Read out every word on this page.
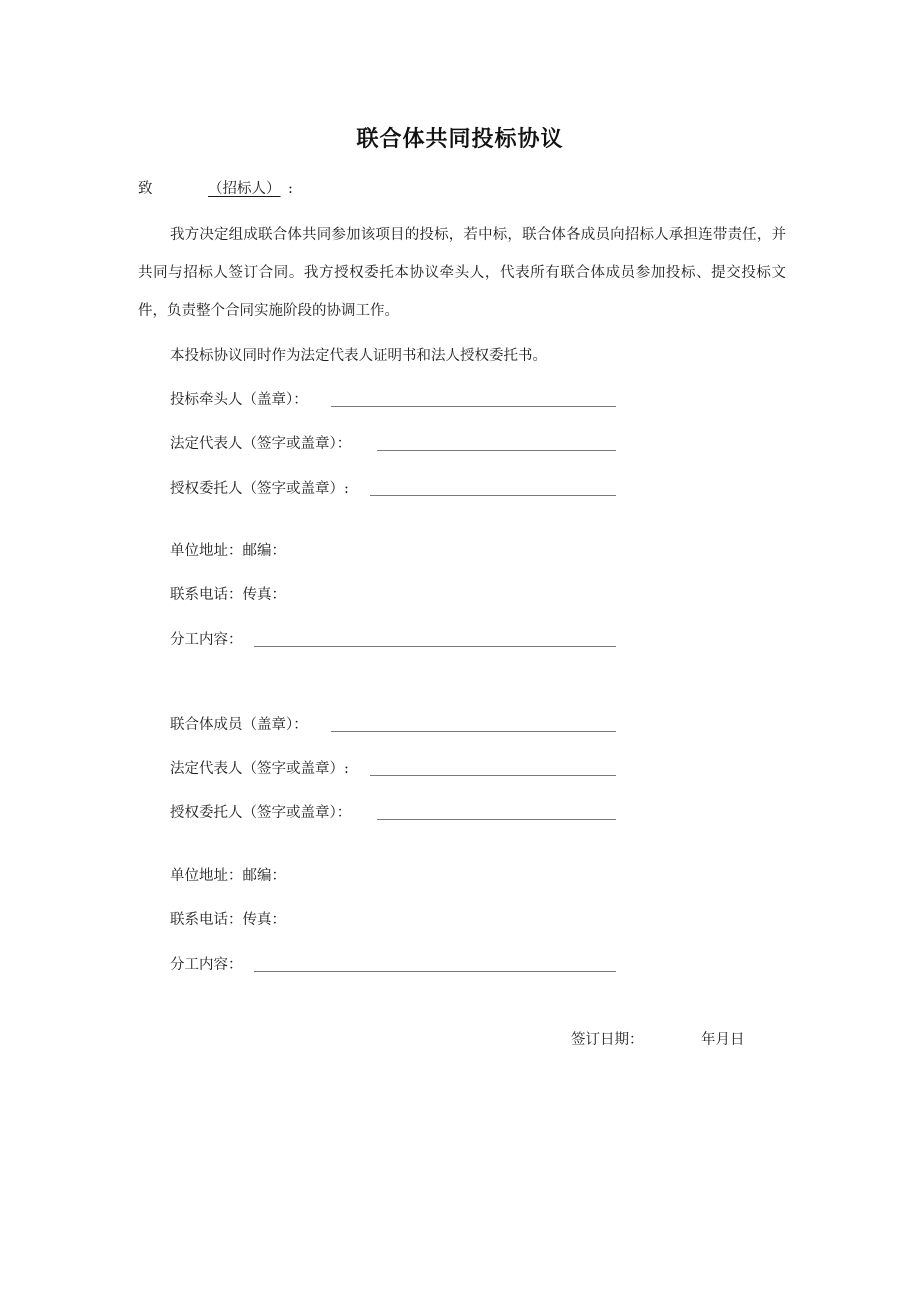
联合体共同投标协议
致	（招标人） :
我方决定组成联合体共同参加该项目的投标，若中标，联合体各成员向招标人承担连带责任，并共同与招标人签订合同。我方授权委托本协议牵头人，代表所有联合体成员参加投标、提交投标文件，负责整个合同实施阶段的协调工作。
本投标协议同时作为法定代表人证明书和法人授权委托书。
投标牵头人（盖章）：
法定代表人（签字或盖章）：
授权委托人（签字或盖章）:
单位地址：邮编：
联系电话：传真：
分工内容：
联合体成员（盖章）：
法定代表人（签字或盖章）:
授权委托人（签字或盖章）：
单位地址：邮编：
联系电话：传真：
分工内容：
签订日期：	年月日
